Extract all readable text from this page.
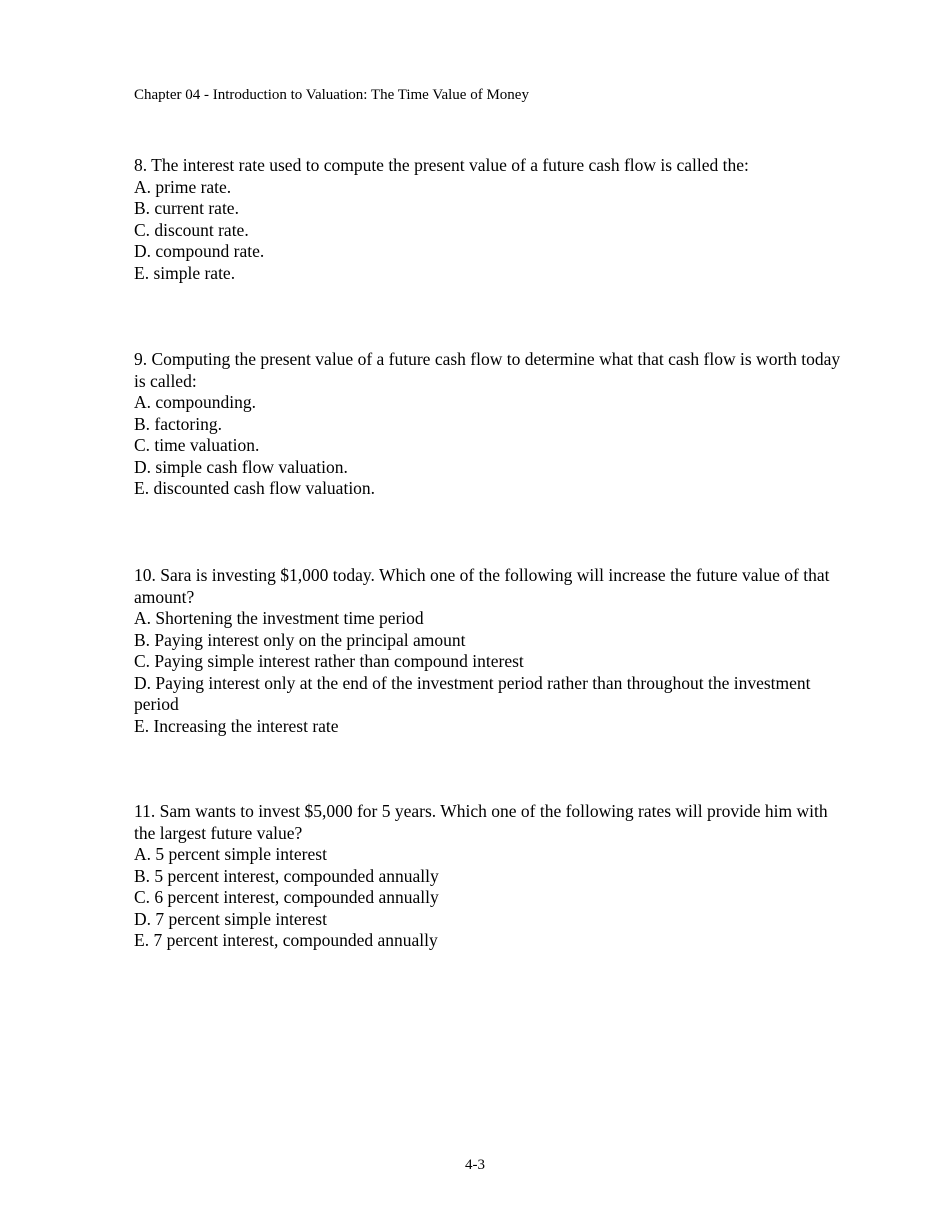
Chapter 04 - Introduction to Valuation: The Time Value of Money

8. The interest rate used to compute the present value of a future cash flow is called the:

A. prime rate.

B. current rate.

C. discount rate.

D. compound rate.

E. simple rate.

9. Computing the present value of a future cash flow to determine what that cash flow is worth today is called:

A. compounding.

B. factoring.

C. time valuation.

D. simple cash flow valuation.

E. discounted cash flow valuation.

10. Sara is investing $1,000 today. Which one of the following will increase the future value of that amount?

A. Shortening the investment time period

B. Paying interest only on the principal amount

C. Paying simple interest rather than compound interest

D. Paying interest only at the end of the investment period rather than throughout the investment period

E. Increasing the interest rate

11. Sam wants to invest $5,000 for 5 years. Which one of the following rates will provide him with the largest future value?

A. 5 percent simple interest

B. 5 percent interest, compounded annually

C. 6 percent interest, compounded annually

D. 7 percent simple interest

E. 7 percent interest, compounded annually

4-3
